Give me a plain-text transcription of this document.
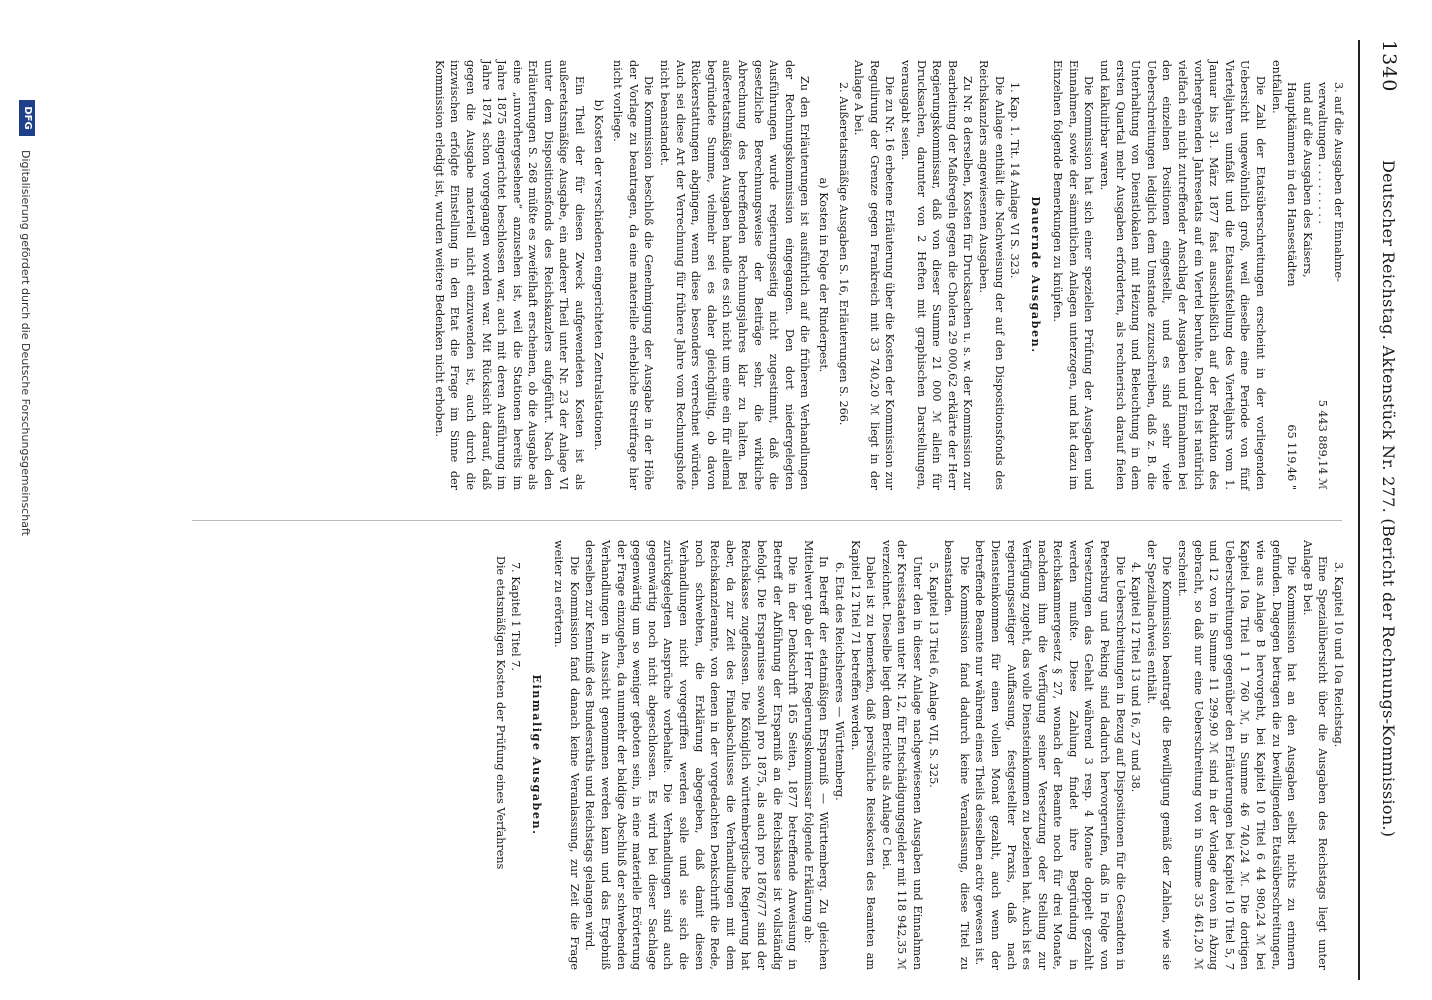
1340
Deutscher Reichstag. Aktenstück Nr. 277. (Bericht der Rechnungs-Kommission.)
3. auf die Ausgaben der Einnahme-
verwaltungen . . . . . . . . .
5 443 889,14 ℳ
und auf die Ausgaben des Kaisers,
Hauptkämmen in den Hansestädten
65 119,46 "

entfallen.

Die Zahl der Etatsüberschreitungen erscheint in der vorliegenden Uebersicht ungewöhnlich groß, weil dieselbe eine Periode von fünf Vierteljahren umfaßt und die Etatsaufstellung des Vierteljahrs vom 1. Januar bis 31. März 1877 fast ausschließlich auf der Reduktion des vorhergehenden Jahresetats auf ein Viertel beruhte. Dadurch ist natürlich vielfach ein nicht zutreffender Anschlag der Ausgaben und Einnahmen bei den einzelnen Positionen eingestellt, und es sind sehr viele Ueberschreitungen lediglich dem Umstande zuzuschreiben, daß z. B. die Unterhaltung von Dienstlokalen mit Heizung und Beleuchtung in dem ersten Quartal mehr Ausgaben erforderten, als rechnerisch darauf fielen und kalkulirbar waren.

Die Kommission hat sich einer speziellen Prüfung der Ausgaben und Einnahmen, sowie der sämmtlichen Anlagen unterzogen, und hat dazu im Einzelnen folgende Bemerkungen zu knüpfen.

Dauernde Ausgaben.

1. Kap. 1. Tit. 14 Anlage VI S. 323.

Die Anlage enthält die Nachweisung der auf den Dispositionsfonds des Reichskanzlers angewiesenen Ausgaben.

Zu Nr. 8 derselben, Kosten für Drucksachen u. s. w. der Kommission zur Bearbeitung der Maßregeln gegen die Cholera 29 000,62 erklärte der Herr Regierungskommissar, daß von dieser Summe 21 000 ℳ allein für Drucksachen, darunter von 2 Heften mit graphischen Darstellungen, verausgabt seien.

Die zu Nr. 16 erbetene Erläuterung über die Kosten der Kommission zur Regulirung der Grenze gegen Frankreich mit 33 740,20 ℳ liegt in der Anlage A bei.

2. Außeretatsmäßige Ausgaben S. 16, Erläuterungen S. 266.

a) Kosten in Folge der Rinderpest.

Zu den Erläuterungen ist ausführlich auf die früheren Verhandlungen der Rechnungskommission eingegangen. Den dort niedergelegten Ausführungen wurde regierungsseitig nicht zugestimmt, daß die gesetzliche Berechnungsweise der Beiträge sehr, die wirkliche Abrechnung des betreffenden Rechnungsjahres klar zu halten. Bei außeretatsmäßigen Ausgaben handle es sich nicht um eine ein für allemal begründete Summe, vielmehr sei es daher gleichgültig, ob davon Rückerstattungen abgingen, wenn diese besonders verrechnet würden. Auch sei diese Art der Verrechnung für frühere Jahre vom Rechnungshofe nicht beanstandet.

Die Kommission beschloß die Genehmigung der Ausgabe in der Höhe der Vorlage zu beantragen, da eine materielle erhebliche Streitfrage hier nicht vorliege.

b) Kosten der verschiedenen eingerichteten Zentralstationen.

Ein Theil der für diesen Zweck aufgewendeten Kosten ist als außeretatsmäßige Ausgabe, ein anderer Theil unter Nr. 23 der Anlage VI unter dem Dispositionsfonds des Reichskanzlers aufgeführt. Nach den Erläuterungen S. 268 müßte es zweifelhaft erscheinen, ob die Ausgabe als eine „unvorhergesehene“ anzusehen ist, weil die Stationen bereits im Jahre 1875 eingerichtet beschlossen war, auch mit deren Ausführung im Jahre 1874 schon vorgegangen worden war. Mit Rücksicht darauf, daß gegen die Ausgabe materiell nicht einzuwenden ist, auch durch die inzwischen erfolgte Einstellung in den Etat die Frage im Sinne der Kommission erledigt ist, wurden weitere Bedenken nicht erhoben.

3. Kapitel 10 und 10a Reichstag.

Eine Spezialübersicht über die Ausgaben des Reichstags liegt unter Anlage B bei.

Die Kommission hat an den Ausgaben selbst nichts zu erinnern gefunden. Dagegen betragen die zu bewilligenden Etatsüberschreitungen, wie aus Anlage B hervorgeht, bei Kapitel 10 Titel 6 44 980,24 ℳ bei Kapitel 10a Titel 1 1 760 ℳ, in Summe 46 740,24 ℳ. Die dortigen Ueberschreitungen gegenüber den Erläuterungen bei Kapitel 10 Titel 5, 7 und 12 von in Summe 11 299,90 ℳ sind in der Vorlage davon in Abzug gebracht, so daß nur eine Ueberschreitung von in Summe 35 461,20 ℳ erscheint.

Die Kommission beantragt die Bewilligung gemäß der Zahlen, wie sie der Spezialnachweis enthält.

4. Kapitel 12 Titel 13 und 16, 27 und 38.

Die Ueberschreitungen in Bezug auf Dispositionen für die Gesandten in Petersburg und Peking sind dadurch hervorgerufen, daß in Folge von Versetzungen das Gehalt während 3 resp. 4 Monate doppelt gezahlt werden mußte. Diese Zahlung findet ihre Begründung in Reichskammergesetz § 27, wonach der Beamte noch für drei Monate, nachdem ihm die Verfügung seiner Versetzung oder Stellung zur Verfügung zugeht, das volle Diensteinkommen zu beziehen hat. Auch ist es regierungsseitiger Auffassung, festgestellter Praxis, daß nach Diensteinkommen für einen vollen Monat gezahlt, auch wenn der betreffende Beamte nur während eines Theils desselben activ gewesen ist.

Die Kommission fand dadurch keine Veranlassung, diese Titel zu beanstanden.

5. Kapitel 13 Titel 6, Anlage VII, S. 325.

Unter den in dieser Anlage nachgewiesenen Ausgaben und Einnahmen der Kreisstaaten unter Nr. 12, für Entschädigungsgelder mit 118 942,35 ℳ verzeichnet. Dieselbe liegt dem Berichte als Anlage C bei.

Dabei ist zu bemerken, daß persönliche Reisekosten des Beamten am Kapitel 12 Titel 71 betreffen werden.

6. Etat des Reichsheeres — Württemberg.

In Betreff der etatmäßigen Ersparniß — Württemberg. Zu gleichen Mittelwert gab der Herr Regierungskommissar folgende Erklärung ab:

Die in der Denkschrift 165 Seiten, 1877 betreffende Anweisung in Betreff der Abführung der Ersparniß an die Reichskasse ist vollständig befolgt. Die Ersparnisse sowohl pro 1875, als auch pro 1876/77 sind der Reichskasse zugeflossen. Die Königlich württembergische Regierung hat aber, da zur Zeit des Finalabschlusses die Verhandlungen mit dem Reichskanzleramte, von denen in der vorgedachten Denkschrift die Rede, noch schwebten, die Erklärung abgegeben, daß damit diesen Verhandlungen nicht vorgegriffen werden solle und sie sich die zurückgelegten Ansprüche vorbehalte. Die Verhandlungen sind auch gegenwärtig noch nicht abgeschlossen. Es wird bei dieser Sachlage gegenwärtig um so weniger geboten sein, in eine materielle Erörterung der Frage einzugehen, da nunmehr der baldige Abschluß der schwebenden Verhandlungen in Aussicht genommen werden kann und das Ergebniß derselben zur Kenntniß des Bundesraths und Reichstags gelangen wird.

Die Kommission fand danach keine Veranlassung, zur Zeit die Frage weiter zu erörtern.

Einmalige Ausgaben.

7. Kapitel 1 Titel 7.

Die etatsmäßigen Kosten der Prüfung eines Verfahrens

DFG
Digitalisierung gefördert durch die Deutsche Forschungsgemeinschaft
